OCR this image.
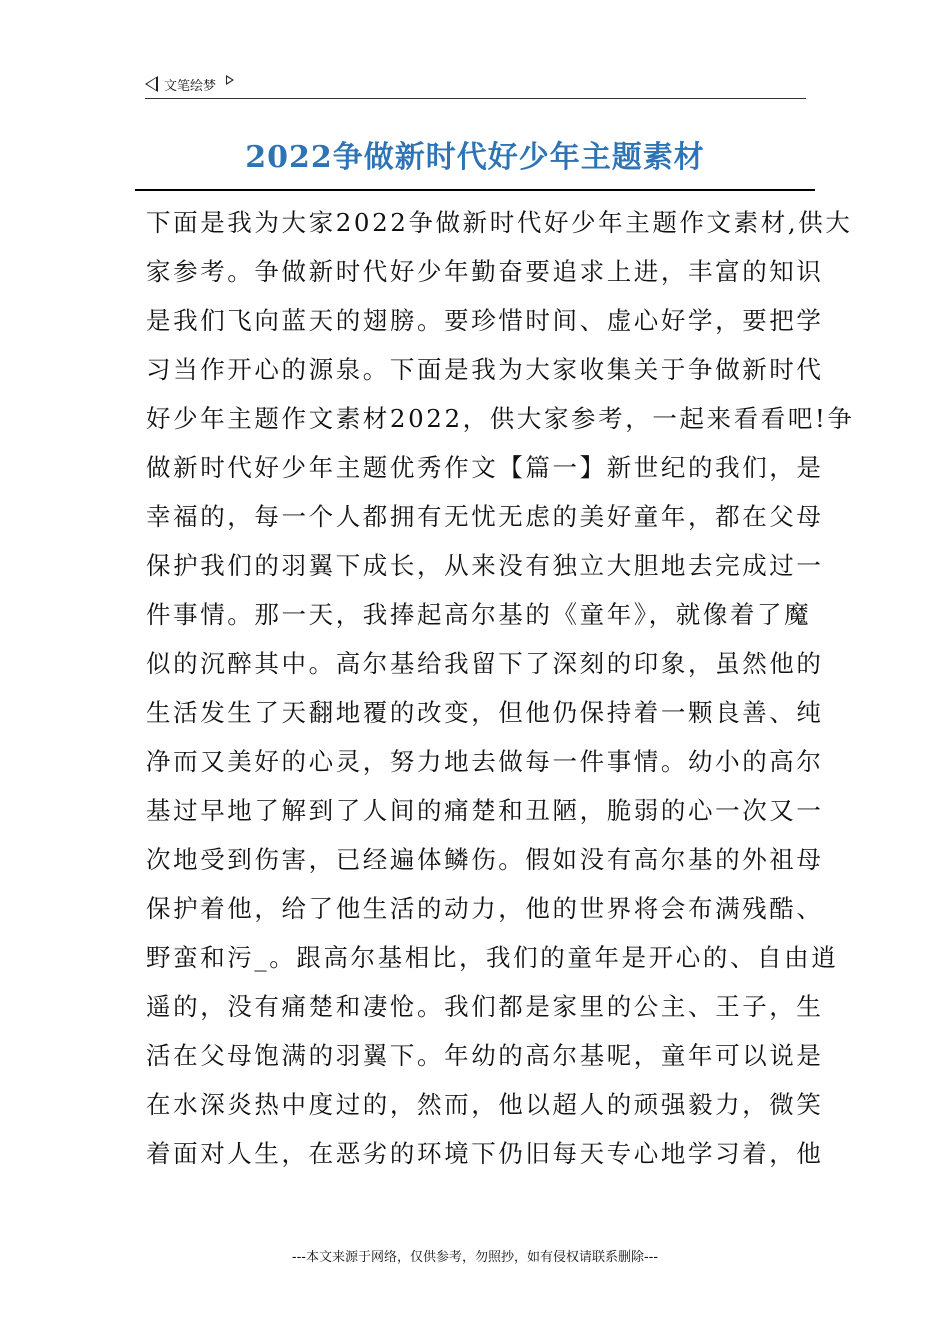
文笔绘梦
2022争做新时代好少年主题素材
下面是我为大家2022争做新时代好少年主题作文素材,供大
家参考。争做新时代好少年勤奋要追求上进，丰富的知识
是我们飞向蓝天的翅膀。要珍惜时间、虚心好学，要把学
习当作开心的源泉。下面是我为大家收集关于争做新时代
好少年主题作文素材2022，供大家参考，一起来看看吧!争
做新时代好少年主题优秀作文【篇一】新世纪的我们，是
幸福的，每一个人都拥有无忧无虑的美好童年，都在父母
保护我们的羽翼下成长，从来没有独立大胆地去完成过一
件事情。那一天，我捧起高尔基的《童年》，就像着了魔
似的沉醉其中。高尔基给我留下了深刻的印象，虽然他的
生活发生了天翻地覆的改变，但他仍保持着一颗良善、纯
净而又美好的心灵，努力地去做每一件事情。幼小的高尔
基过早地了解到了人间的痛楚和丑陋，脆弱的心一次又一
次地受到伤害，已经遍体鳞伤。假如没有高尔基的外祖母
保护着他，给了他生活的动力，他的世界将会布满残酷、
野蛮和污_。跟高尔基相比，我们的童年是开心的、自由逍
遥的，没有痛楚和凄怆。我们都是家里的公主、王子，生
活在父母饱满的羽翼下。年幼的高尔基呢，童年可以说是
在水深炎热中度过的，然而，他以超人的顽强毅力，微笑
着面对人生，在恶劣的环境下仍旧每天专心地学习着，他
---本文来源于网络，仅供参考，勿照抄，如有侵权请联系删除---
